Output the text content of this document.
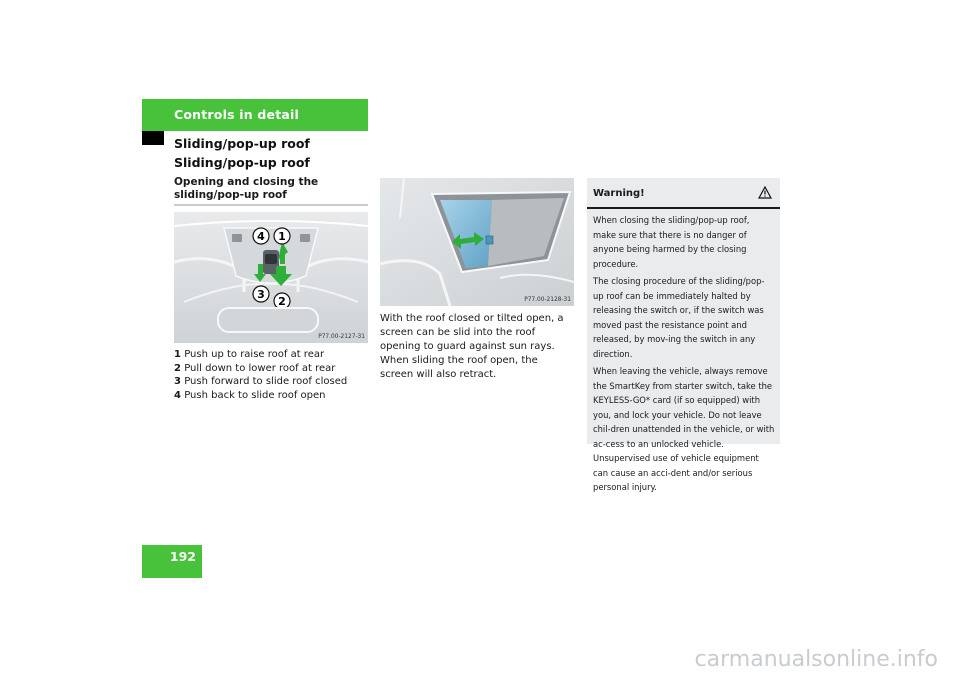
Controls in detail
Sliding/pop-up roof
Sliding/pop-up roof
Opening and closing the sliding/pop-up roof
4 1
3
2
P77.00-2127-31
1 Push up to raise roof at rear
2 Pull down to lower roof at rear
3 Push forward to slide roof closed
4 Push back to slide roof open
P77.00-2128-31

With the roof closed or tilted open, a screen can be slid into the roof opening to guard against sun rays. When sliding the roof open, the screen will also retract.

Warning!

When closing the sliding/pop-up roof, make sure that there is no danger of anyone being harmed by the closing procedure.

The closing procedure of the sliding/pop-up roof can be immediately halted by releasing the switch or, if the switch was moved past the resistance point and released, by mov-ing the switch in any direction.

When leaving the vehicle, always remove the SmartKey from starter switch, take the KEYLESS-GO* card (if so equipped) with you, and lock your vehicle. Do not leave chil-dren unattended in the vehicle, or with ac-cess to an unlocked vehicle. Unsupervised use of vehicle equipment can cause an acci-dent and/or serious personal injury.

192
carmanualsonline.info
